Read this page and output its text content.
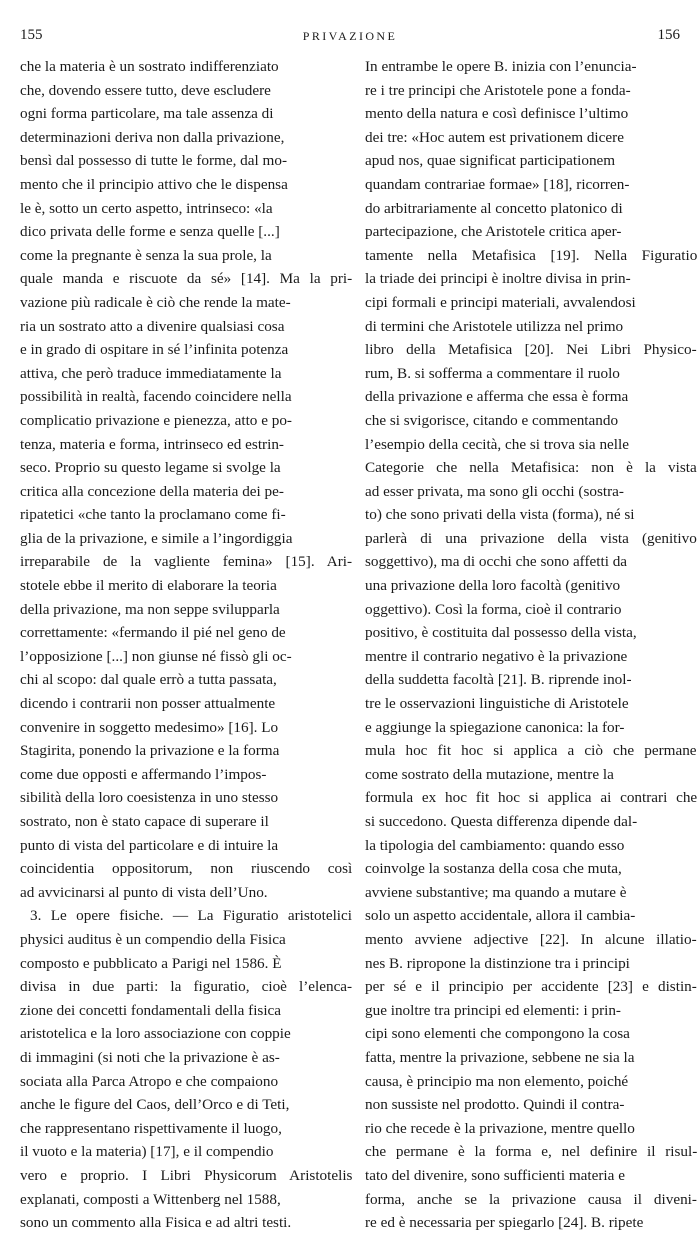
155	PRIVAZIONE	156
che la materia è un sostrato indifferenziato
che, dovendo essere tutto, deve escludere
ogni forma particolare, ma tale assenza di
determinazioni deriva non dalla privazione,
bensì dal possesso di tutte le forme, dal mo-
mento che il principio attivo che le dispensa
le è, sotto un certo aspetto, intrinseco: «la
dico privata delle forme e senza quelle [...]
come la pregnante è senza la sua prole, la
quale manda e riscuote da sé» [14]. Ma la pri-
vazione più radicale è ciò che rende la mate-
ria un sostrato atto a divenire qualsiasi cosa
e in grado di ospitare in sé l’infinita potenza
attiva, che però traduce immediatamente la
possibilità in realtà, facendo coincidere nella
complicatio privazione e pienezza, atto e po-
tenza, materia e forma, intrinseco ed estrin-
seco. Proprio su questo legame si svolge la
critica alla concezione della materia dei pe-
ripatetici «che tanto la proclamano come fi-
glia de la privazione, e simile a l’ingordiggia
irreparabile de la vagliente femina» [15]. Ari-
stotele ebbe il merito di elaborare la teoria
della privazione, ma non seppe svilupparla
correttamente: «fermando il pié nel geno de
l’opposizione [...] non giunse né fissò gli oc-
chi al scopo: dal quale errò a tutta passata,
dicendo i contrarii non posser attualmente
convenire in soggetto medesimo» [16]. Lo
Stagirita, ponendo la privazione e la forma
come due opposti e affermando l’impos-
sibilità della loro coesistenza in uno stesso
sostrato, non è stato capace di superare il
punto di vista del particolare e di intuire la
coincidentia oppositorum, non riuscendo così
ad avvicinarsi al punto di vista dell’Uno.
3. Le opere fisiche. — La Figuratio aristotelici
physici auditus è un compendio della Fisica
composto e pubblicato a Parigi nel 1586. È
divisa in due parti: la figuratio, cioè l’elenca-
zione dei concetti fondamentali della fisica
aristotelica e la loro associazione con coppie
di immagini (si noti che la privazione è as-
sociata alla Parca Atropo e che compaiono
anche le figure del Caos, dell’Orco e di Teti,
che rappresentano rispettivamente il luogo,
il vuoto e la materia) [17], e il compendio
vero e proprio. I Libri Physicorum Aristotelis
explanati, composti a Wittenberg nel 1588,
sono un commento alla Fisica e ad altri testi.
In entrambe le opere B. inizia con l’enuncia-
re i tre principi che Aristotele pone a fonda-
mento della natura e così definisce l’ultimo
dei tre: «Hoc autem est privationem dicere
apud nos, quae significat participationem
quandam contrariae formae» [18], ricorren-
do arbitrariamente al concetto platonico di
partecipazione, che Aristotele critica aper-
tamente nella Metafisica [19]. Nella Figuratio
la triade dei principi è inoltre divisa in prin-
cipi formali e principi materiali, avvalendosi
di termini che Aristotele utilizza nel primo
libro della Metafisica [20]. Nei Libri Physico-
rum, B. si sofferma a commentare il ruolo
della privazione e afferma che essa è forma
che si svigorisce, citando e commentando
l’esempio della cecità, che si trova sia nelle
Categorie che nella Metafisica: non è la vista
ad esser privata, ma sono gli occhi (sostra-
to) che sono privati della vista (forma), né si
parlerà di una privazione della vista (genitivo
soggettivo), ma di occhi che sono affetti da
una privazione della loro facoltà (genitivo
oggettivo). Così la forma, cioè il contrario
positivo, è costituita dal possesso della vista,
mentre il contrario negativo è la privazione
della suddetta facoltà [21]. B. riprende inol-
tre le osservazioni linguistiche di Aristotele
e aggiunge la spiegazione canonica: la for-
mula hoc fit hoc si applica a ciò che permane
come sostrato della mutazione, mentre la
formula ex hoc fit hoc si applica ai contrari che
si succedono. Questa differenza dipende dal-
la tipologia del cambiamento: quando esso
coinvolge la sostanza della cosa che muta,
avviene substantive; ma quando a mutare è
solo un aspetto accidentale, allora il cambia-
mento avviene adjective [22]. In alcune illatio-
nes B. ripropone la distinzione tra i principi
per sé e il principio per accidente [23] e distin-
gue inoltre tra principi ed elementi: i prin-
cipi sono elementi che compongono la cosa
fatta, mentre la privazione, sebbene ne sia la
causa, è principio ma non elemento, poiché
non sussiste nel prodotto. Quindi il contra-
rio che recede è la privazione, mentre quello
che permane è la forma e, nel definire il risul-
tato del divenire, sono sufficienti materia e
forma, anche se la privazione causa il diveni-
re ed è necessaria per spiegarlo [24]. B. ripete
